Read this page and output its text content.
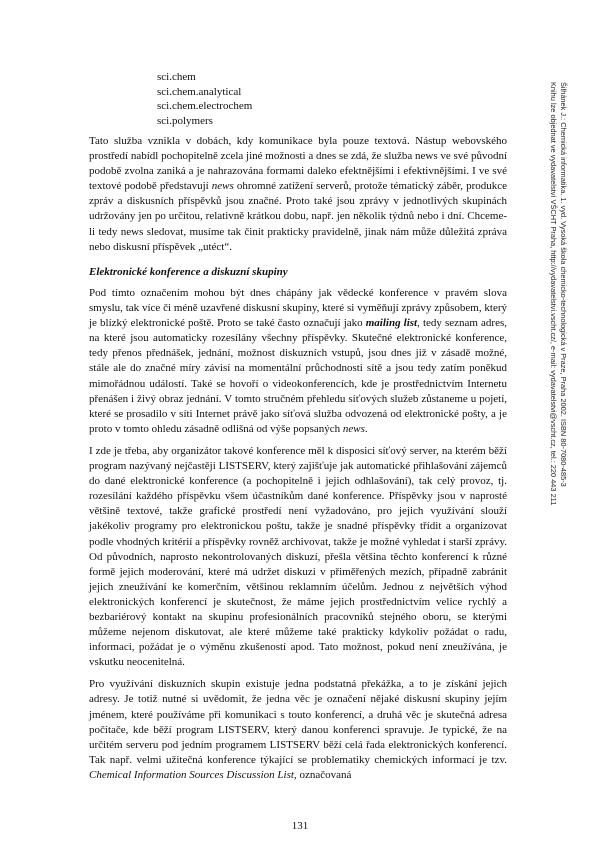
sci.chem
sci.chem.analytical
sci.chem.electrochem
sci.polymers

Tato služba vznikla v dobách, kdy komunikace byla pouze textová. Nástup webovského prostředí nabídl pochopitelně zcela jiné možnosti a dnes se zdá, že služba news ve své původní podobě zvolna zaniká a je nahrazována formami daleko efektnějšími i efektivnějšími. I ve své textové podobě představují news ohromné zatížení serverů, protože tématický záběr, produkce zpráv a diskusních příspěvků jsou značné. Proto také jsou zprávy v jednotlivých skupinách udržovány jen po určitou, relativně krátkou dobu, např. jen několik týdnů nebo i dní. Chceme-li tedy news sledovat, musíme tak činit prakticky pravidelně, jinak nám může důležitá zpráva nebo diskusní příspěvek „utéct“.

Elektronické konference a diskuzní skupiny

Pod tímto označením mohou být dnes chápány jak vědecké konference v pravém slova smyslu, tak více či méně uzavřené diskusní skupiny, které si vyměňují zprávy způsobem, který je blízký elektronické poště. Proto se také často označují jako mailing list, tedy seznam adres, na které jsou automaticky rozesílány všechny příspěvky. Skutečné elektronické konference, tedy přenos přednášek, jednání, možnost diskuzních vstupů, jsou dnes již v zásadě možné, stále ale do značné míry závisí na momentální průchodnosti sítě a jsou tedy zatím poněkud mimořádnou událostí. Také se hovoří o videokonferencích, kde je prostřednictvím Internetu přenášen i živý obraz jednání. V tomto stručném přehledu síťových služeb zůstaneme u pojetí, které se prosadilo v síti Internet právě jako síťová služba odvozená od elektronické pošty, a je proto v tomto ohledu zásadně odlišná od výše popsaných news.

I zde je třeba, aby organizátor takové konference měl k disposici síťový server, na kterém běží program nazývaný nejčastěji LISTSERV, který zajišťuje jak automatické přihlašování zájemců do dané elektronické konference (a pochopitelně i jejich odhlašování), tak celý provoz, tj. rozesílání každého příspěvku všem účastníkům dané konference. Příspěvky jsou v naprosté většině textové, takže grafické prostředí není vyžadováno, pro jejich využívání slouží jakékoliv programy pro elektronickou poštu, takže je snadné příspěvky třídit a organizovat podle vhodných kritérií a příspěvky rovněž archivovat, takže je možné vyhledat i starší zprávy. Od původních, naprosto nekontrolovaných diskuzí, přešla většina těchto konferencí k různé formě jejich moderování, které má udržet diskuzi v přiměřených mezích, případně zabránit jejich zneužívání ke komerčním, většinou reklamním účelům. Jednou z největších výhod elektronických konferencí je skutečnost, že máme jejich prostřednictvím velice rychlý a bezbariérový kontakt na skupinu profesionálních pracovníků stejného oboru, se kterými můžeme nejenom diskutovat, ale které můžeme také prakticky kdykoliv požádat o radu, informaci, požádat je o výměnu zkušeností apod. Tato možnost, pokud není zneužívána, je vskutku neocenitelná.

Pro využívání diskuzních skupin existuje jedna podstatná překážka, a to je získání jejich adresy. Je totiž nutné si uvědomit, že jedna věc je označení nějaké diskusní skupiny jejím jménem, které používáme při komunikaci s touto konferencí, a druhá věc je skutečná adresa počítače, kde běží program LISTSERV, který danou konferenci spravuje. Je typické, že na určitém serveru pod jedním programem LISTSERV běží celá řada elektronických konferencí. Tak např. velmi užitečná konference týkající se problematiky chemických informací je tzv. Chemical Information Sources Discussion List, označovaná

131
Šilhánek J.: Chemická informatika. 1. vyd. Vysoká škola chemicko-technologická v Praze, Praha 2002. ISBN 80-7080-485-3
Knihu lze objednat ve vydavatelství VŠCHT Praha, http://vydavatelstvi.vscht.cz/, e-mail: vydavatelstvi@vscht.cz, tel.: 220 443 211
